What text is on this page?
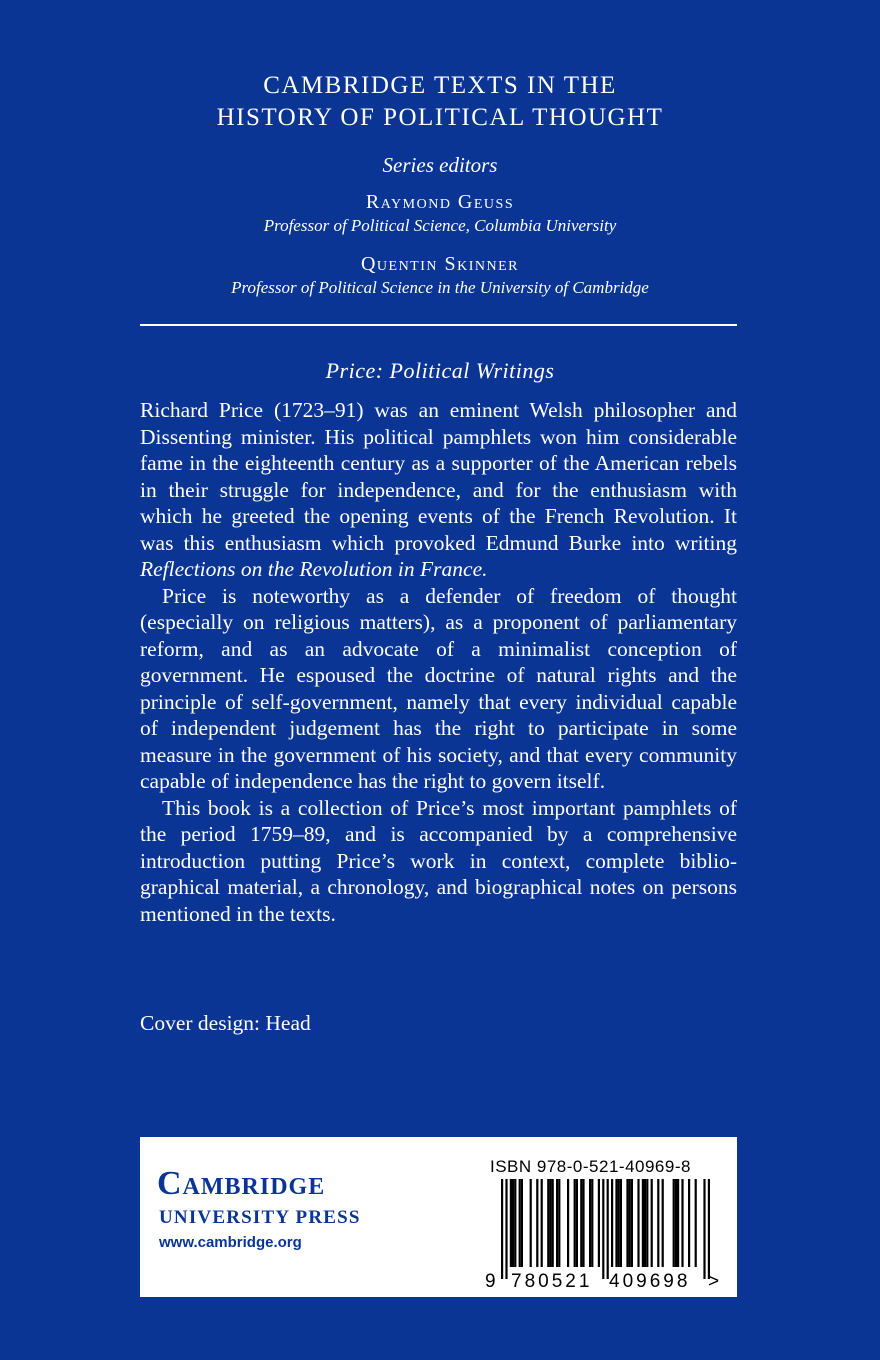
CAMBRIDGE TEXTS IN THE
HISTORY OF POLITICAL THOUGHT
Series editors
Raymond Geuss
Professor of Political Science, Columbia University
Quentin Skinner
Professor of Political Science in the University of Cambridge
Price: Political Writings

Richard Price (1723–91) was an eminent Welsh philosopher and Dissenting minister. His political pamphlets won him considerable fame in the eighteenth century as a supporter of the American rebels in their struggle for independence, and for the enthusiasm with which he greeted the opening events of the French Revolution. It was this enthusiasm which provoked Edmund Burke into writing Reflections on the Revolution in France.

Price is noteworthy as a defender of freedom of thought (especially on religious matters), as a proponent of parliamentary reform, and as an advocate of a minimalist conception of government. He espoused the doctrine of natural rights and the principle of self-government, namely that every individual capable of independent judgement has the right to participate in some measure in the government of his society, and that every community capable of independence has the right to govern itself.

This book is a collection of Price’s most important pamphlets of the period 1759–89, and is accompanied by a comprehensive introduction putting Price’s work in context, complete bibliographical material, a chronology, and biographical notes on persons mentioned in the texts.

Cover design: Head
Cambridge
UNIVERSITY PRESS
www.cambridge.org
ISBN 978-0-521-40969-8
9 780521 409698 >
